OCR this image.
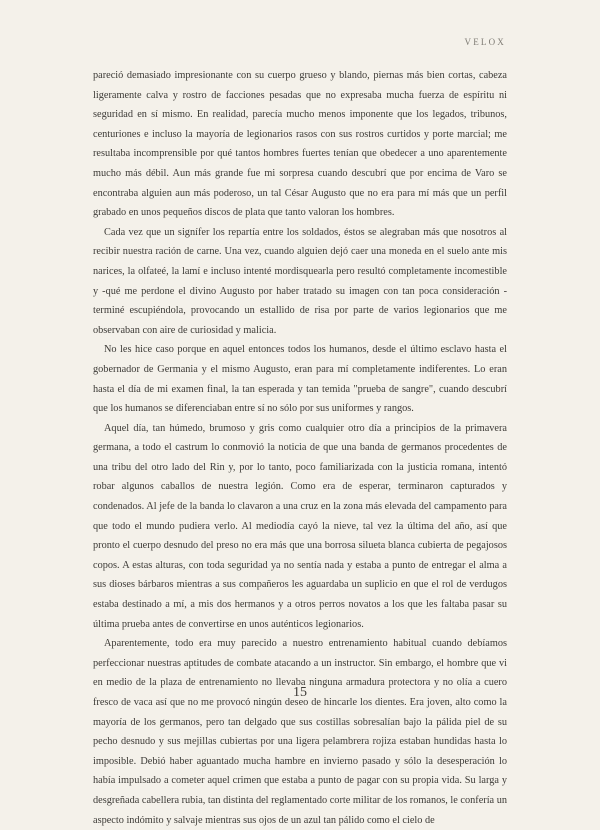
VELOX

pareció demasiado impresionante con su cuerpo grueso y blando, piernas más bien cortas, cabeza ligeramente calva y rostro de facciones pesadas que no expresaba mucha fuerza de espíritu ni seguridad en sí mismo. En realidad, parecía mucho menos imponente que los legados, tribunos, centuriones e incluso la mayoría de legionarios rasos con sus rostros curtidos y porte marcial; me resultaba incomprensible por qué tantos hombres fuertes tenían que obedecer a uno aparentemente mucho más débil. Aun más grande fue mi sorpresa cuando descubrí que por encima de Varo se encontraba alguien aun más poderoso, un tal César Augusto que no era para mí más que un perfil grabado en unos pequeños discos de plata que tanto valoran los hombres.

Cada vez que un signífer los repartía entre los soldados, éstos se alegraban más que nosotros al recibir nuestra ración de carne. Una vez, cuando alguien dejó caer una moneda en el suelo ante mis narices, la olfateé, la lamí e incluso intenté mordisquearla pero resultó completamente incomestible y -qué me perdone el divino Augusto por haber tratado su imagen con tan poca consideración -terminé escupiéndola, provocando un estallido de risa por parte de varios legionarios que me observaban con aire de curiosidad y malicia.

No les hice caso porque en aquel entonces todos los humanos, desde el último esclavo hasta el gobernador de Germania y el mismo Augusto, eran para mí completamente indiferentes. Lo eran hasta el día de mi examen final, la tan esperada y tan temida "prueba de sangre", cuando descubrí que los humanos se diferenciaban entre sí no sólo por sus uniformes y rangos.

Aquel día, tan húmedo, brumoso y gris como cualquier otro día a principios de la primavera germana, a todo el castrum lo conmovió la noticia de que una banda de germanos procedentes de una tribu del otro lado del Rin y, por lo tanto, poco familiarizada con la justicia romana, intentó robar algunos caballos de nuestra legión. Como era de esperar, terminaron capturados y condenados. Al jefe de la banda lo clavaron a una cruz en la zona más elevada del campamento para que todo el mundo pudiera verlo. Al mediodía cayó la nieve, tal vez la última del año, así que pronto el cuerpo desnudo del preso no era más que una borrosa silueta blanca cubierta de pegajosos copos. A estas alturas, con toda seguridad ya no sentía nada y estaba a punto de entregar el alma a sus dioses bárbaros mientras a sus compañeros les aguardaba un suplicio en que el rol de verdugos estaba destinado a mí, a mis dos hermanos y a otros perros novatos a los que les faltaba pasar su última prueba antes de convertirse en unos auténticos legionarios.

Aparentemente, todo era muy parecido a nuestro entrenamiento habitual cuando debíamos perfeccionar nuestras aptitudes de combate atacando a un instructor. Sin embargo, el hombre que vi en medio de la plaza de entrenamiento no llevaba ninguna armadura protectora y no olía a cuero fresco de vaca así que no me provocó ningún deseo de hincarle los dientes. Era joven, alto como la mayoría de los germanos, pero tan delgado que sus costillas sobresalían bajo la pálida piel de su pecho desnudo y sus mejillas cubiertas por una ligera pelambrera rojiza estaban hundidas hasta lo imposible. Debió haber aguantado mucha hambre en invierno pasado y sólo la desesperación lo había impulsado a cometer aquel crimen que estaba a punto de pagar con su propia vida. Su larga y desgreñada cabellera rubia, tan distinta del reglamentado corte militar de los romanos, le confería un aspecto indómito y salvaje mientras sus ojos de un azul tan pálido como el cielo de

15
